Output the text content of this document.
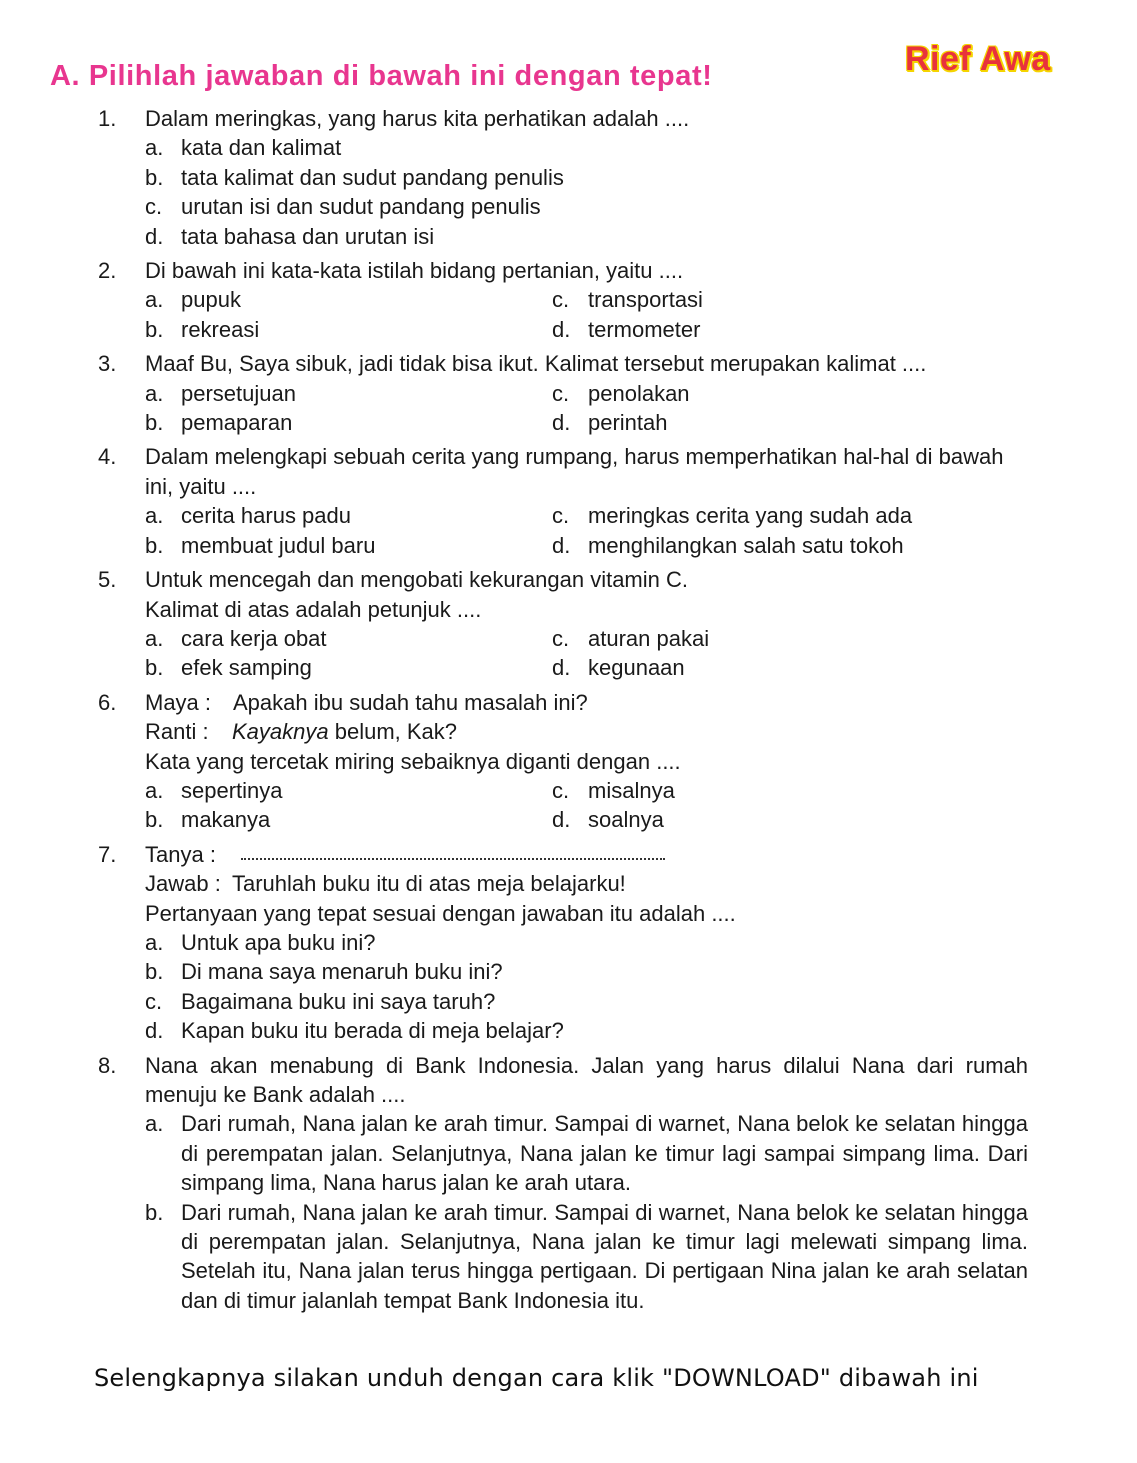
A. Pilihlah jawaban di bawah ini dengan tepat!	Rief Awa
1.	Dalam meringkas, yang harus kita perhatikan adalah ....
a. kata dan kalimat
b. tata kalimat dan sudut pandang penulis
c. urutan isi dan sudut pandang penulis
d. tata bahasa dan urutan isi
2.	Di bawah ini kata-kata istilah bidang pertanian, yaitu ....
a. pupuk	c. transportasi
b. rekreasi	d. termometer
3.	Maaf Bu, Saya sibuk, jadi tidak bisa ikut. Kalimat tersebut merupakan kalimat ....
a. persetujuan	c. penolakan
b. pemaparan	d. perintah
4.	Dalam melengkapi sebuah cerita yang rumpang, harus memperhatikan hal-hal di bawah ini, yaitu ....
a. cerita harus padu	c. meringkas cerita yang sudah ada
b. membuat judul baru	d. menghilangkan salah satu tokoh
5.	Untuk mencegah dan mengobati kekurangan vitamin C.
Kalimat di atas adalah petunjuk ....
a. cara kerja obat	c. aturan pakai
b. efek samping	d. kegunaan
6.	Maya : Apakah ibu sudah tahu masalah ini?
Ranti :	Kayaknya belum, Kak?
Kata yang tercetak miring sebaiknya diganti dengan ....
a. sepertinya	c. misalnya
b. makanya	d. soalnya
7.	Tanya :
Jawab : Taruhlah buku itu di atas meja belajarku!
Pertanyaan yang tepat sesuai dengan jawaban itu adalah ....
a. Untuk apa buku ini?
b. Di mana saya menaruh buku ini?
c. Bagaimana buku ini saya taruh?
d. Kapan buku itu berada di meja belajar?
8.	Nana akan menabung di Bank Indonesia. Jalan yang harus dilalui Nana dari rumah menuju ke Bank adalah ....
a. Dari rumah, Nana jalan ke arah timur. Sampai di warnet, Nana belok ke selatan hingga di perempatan jalan. Selanjutnya, Nana jalan ke timur lagi sampai simpang lima. Dari simpang lima, Nana harus jalan ke arah utara.
b. Dari rumah, Nana jalan ke arah timur. Sampai di warnet, Nana belok ke selatan hingga di perempatan jalan. Selanjutnya, Nana jalan ke timur lagi melewati simpang lima. Setelah itu, Nana jalan terus hingga pertigaan. Di pertigaan Nina jalan ke arah selatan dan di timur jalanlah tempat Bank Indonesia itu.

Selengkapnya silakan unduh dengan cara klik "DOWNLOAD" dibawah ini
